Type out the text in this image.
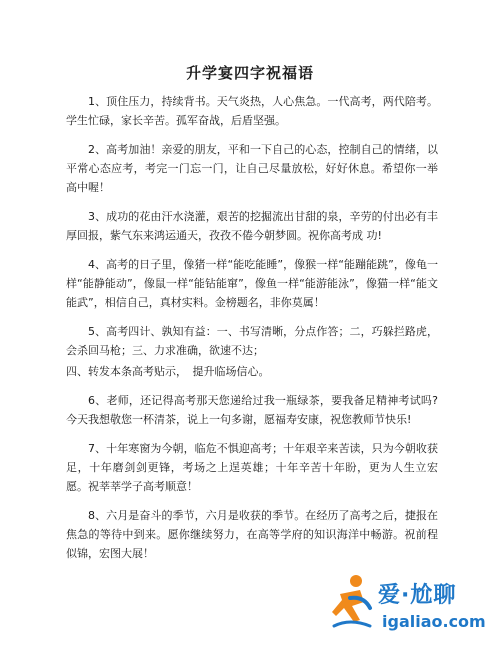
升学宴四字祝福语

1、顶住压力，持续背书。天气炎热，人心焦急。一代高考，两代陪考。学生忙碌，家长辛苦。孤军奋战，后盾坚强。

2、高考加油！亲爱的朋友，平和一下自己的心态，控制自己的情绪，以平常心态应考，考完一门忘一门，让自己尽量放松，好好休息。希望你一举高中喔！

3、成功的花由汗水浇灌，艰苦的挖掘流出甘甜的泉，辛劳的付出必有丰厚回报，紫气东来鸿运通天，孜孜不倦今朝梦圆。祝你高考成 功!

4、高考的日子里，像猪一样“能吃能睡”，像猴一样“能蹦能跳”，像龟一样“能静能动”，像鼠一样“能钻能窜”，像鱼一样“能游能泳”，像猫一样“能文能武”，相信自己，真材实料。金榜题名，非你莫属！

5、高考四计、孰知有益：一、书写清晰，分点作答；二，巧躲拦路虎，会杀回马枪；三、力求准确，欲速不达；

四、转发本条高考贴示，　提升临场信心。

6、老师，还记得高考那天您递给过我一瓶绿茶，要我备足精神考试吗?今天我想敬您一杯清茶，说上一句多谢，愿福寿安康，祝您教师节快乐!

7、十年寒窗为今朝，临危不惧迎高考；十年艰辛来苦读，只为今朝收获足，十年磨剑剑更锋，考场之上逞英雄；十年辛苦十年盼，更为人生立宏愿。祝莘莘学子高考顺意！

8、六月是奋斗的季节，六月是收获的季节。在经历了高考之后，捷报在焦急的等待中到来。愿你继续努力，在高等学府的知识海洋中畅游。祝前程似锦，宏图大展！

爱·尬聊
igaliao.com
